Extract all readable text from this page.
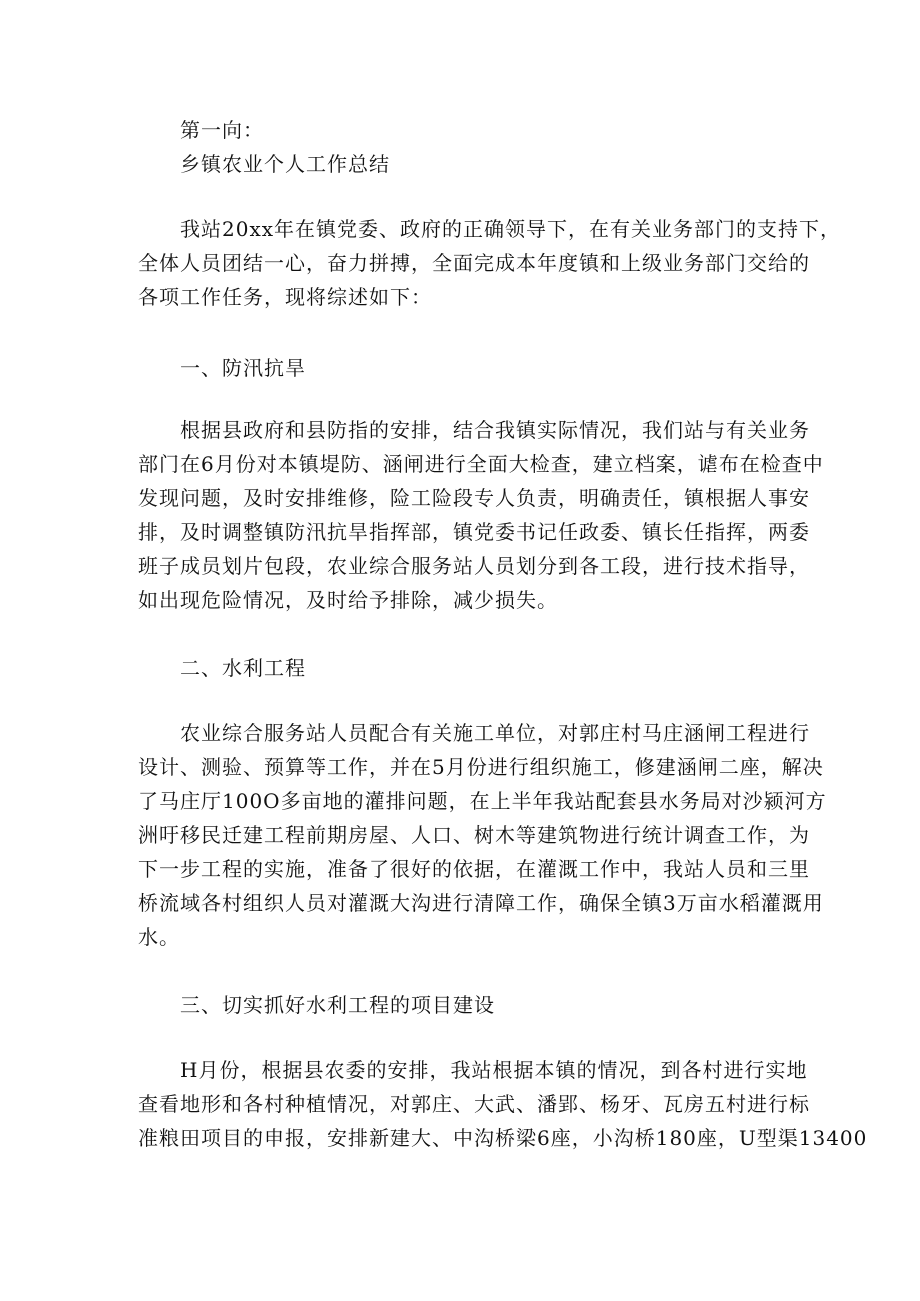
第一向：
乡镇农业个人工作总结
我站20xx年在镇党委、政府的正确领导下，在有关业务部门的支持下，
全体人员团结一心，奋力拼搏，全面完成本年度镇和上级业务部门交给的
各项工作任务，现将综述如下：
一、防汛抗旱
根据县政府和县防指的安排，结合我镇实际情况，我们站与有关业务
部门在6月份对本镇堤防、涵闸进行全面大检查，建立档案，谑布在检查中
发现问题，及时安排维修，险工险段专人负责，明确责任，镇根据人事安
排，及时调整镇防汛抗旱指挥部，镇党委书记任政委、镇长任指挥，两委
班子成员划片包段，农业综合服务站人员划分到各工段，进行技术指导，
如出现危险情况，及时给予排除，减少损失。
二、水利工程
农业综合服务站人员配合有关施工单位，对郭庄村马庄涵闸工程进行
设计、测验、预算等工作，并在5月份进行组织施工，修建涵闸二座，解决
了马庄厅100O多亩地的灌排问题，在上半年我站配套县水务局对沙颍河方
洲吁移民迁建工程前期房屋、人口、树木等建筑物进行统计调查工作，为
下一步工程的实施，准备了很好的依据，在灌溉工作中，我站人员和三里
桥流域各村组织人员对灌溉大沟进行清障工作，确保全镇3万亩水稻灌溉用
水。
三、切实抓好水利工程的项目建设
H月份，根据县农委的安排，我站根据本镇的情况，到各村进行实地
查看地形和各村种植情况，对郭庄、大武、潘郢、杨牙、瓦房五村进行标
准粮田项目的申报，安排新建大、中沟桥梁6座，小沟桥180座，U型渠13400
